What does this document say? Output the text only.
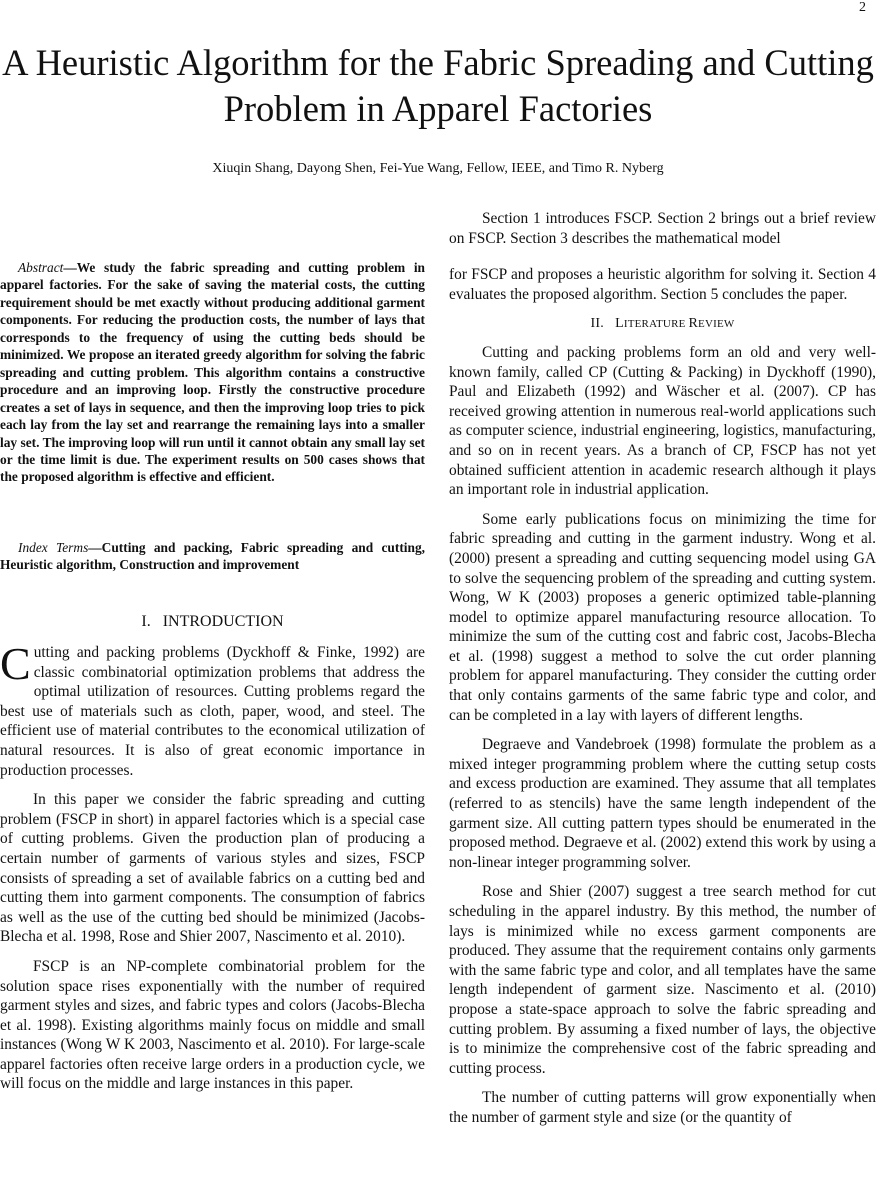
2
A Heuristic Algorithm for the Fabric Spreading and Cutting Problem in Apparel Factories
Xiuqin Shang, Dayong Shen, Fei-Yue Wang, Fellow, IEEE, and Timo R. Nyberg

Abstract—We study the fabric spreading and cutting problem in apparel factories. For the sake of saving the material costs, the cutting requirement should be met exactly without producing additional garment components. For reducing the production costs, the number of lays that corresponds to the frequency of using the cutting beds should be minimized. We propose an iterated greedy algorithm for solving the fabric spreading and cutting problem. This algorithm contains a constructive procedure and an improving loop. Firstly the constructive procedure creates a set of lays in sequence, and then the improving loop tries to pick each lay from the lay set and rearrange the remaining lays into a smaller lay set. The improving loop will run until it cannot obtain any small lay set or the time limit is due. The experiment results on 500 cases shows that the proposed algorithm is effective and efficient.

Index Terms—Cutting and packing, Fabric spreading and cutting, Heuristic algorithm, Construction and improvement

I.   INTRODUCTION

Cutting and packing problems (Dyckhoff & Finke, 1992) are classic combinatorial optimization problems that address the optimal utilization of resources. Cutting problems regard the best use of materials such as cloth, paper, wood, and steel. The efficient use of material contributes to the economical utilization of natural resources. It is also of great economic importance in production processes.

In this paper we consider the fabric spreading and cutting problem (FSCP in short) in apparel factories which is a special case of cutting problems. Given the production plan of producing a certain number of garments of various styles and sizes, FSCP consists of spreading a set of available fabrics on a cutting bed and cutting them into garment components. The consumption of fabrics as well as the use of the cutting bed should be minimized (Jacobs-Blecha et al. 1998, Rose and Shier 2007, Nascimento et al. 2010).

FSCP is an NP-complete combinatorial problem for the solution space rises exponentially with the number of required garment styles and sizes, and fabric types and colors (Jacobs-Blecha et al. 1998). Existing algorithms mainly focus on middle and small instances (Wong W K 2003, Nascimento et al. 2010). For large-scale apparel factories often receive large orders in a production cycle, we will focus on the middle and large instances in this paper.

Section 1 introduces FSCP. Section 2 brings out a brief review on FSCP. Section 3 describes the mathematical model

for FSCP and proposes a heuristic algorithm for solving it. Section 4 evaluates the proposed algorithm. Section 5 concludes the paper.

II. LITERATURE REVIEW

Cutting and packing problems form an old and very well-known family, called CP (Cutting & Packing) in Dyckhoff (1990), Paul and Elizabeth (1992) and Wäscher et al. (2007). CP has received growing attention in numerous real-world applications such as computer science, industrial engineering, logistics, manufacturing, and so on in recent years. As a branch of CP, FSCP has not yet obtained sufficient attention in academic research although it plays an important role in industrial application.

Some early publications focus on minimizing the time for fabric spreading and cutting in the garment industry. Wong et al. (2000) present a spreading and cutting sequencing model using GA to solve the sequencing problem of the spreading and cutting system. Wong, W K (2003) proposes a generic optimized table-planning model to optimize apparel manufacturing resource allocation. To minimize the sum of the cutting cost and fabric cost, Jacobs-Blecha et al. (1998) suggest a method to solve the cut order planning problem for apparel manufacturing. They consider the cutting order that only contains garments of the same fabric type and color, and can be completed in a lay with layers of different lengths.

Degraeve and Vandebroek (1998) formulate the problem as a mixed integer programming problem where the cutting setup costs and excess production are examined. They assume that all templates (referred to as stencils) have the same length independent of the garment size. All cutting pattern types should be enumerated in the proposed method. Degraeve et al. (2002) extend this work by using a non-linear integer programming solver.

Rose and Shier (2007) suggest a tree search method for cut scheduling in the apparel industry. By this method, the number of lays is minimized while no excess garment components are produced. They assume that the requirement contains only garments with the same fabric type and color, and all templates have the same length independent of garment size. Nascimento et al. (2010) propose a state-space approach to solve the fabric spreading and cutting problem. By assuming a fixed number of lays, the objective is to minimize the comprehensive cost of the fabric spreading and cutting process.

The number of cutting patterns will grow exponentially when the number of garment style and size (or the quantity of
